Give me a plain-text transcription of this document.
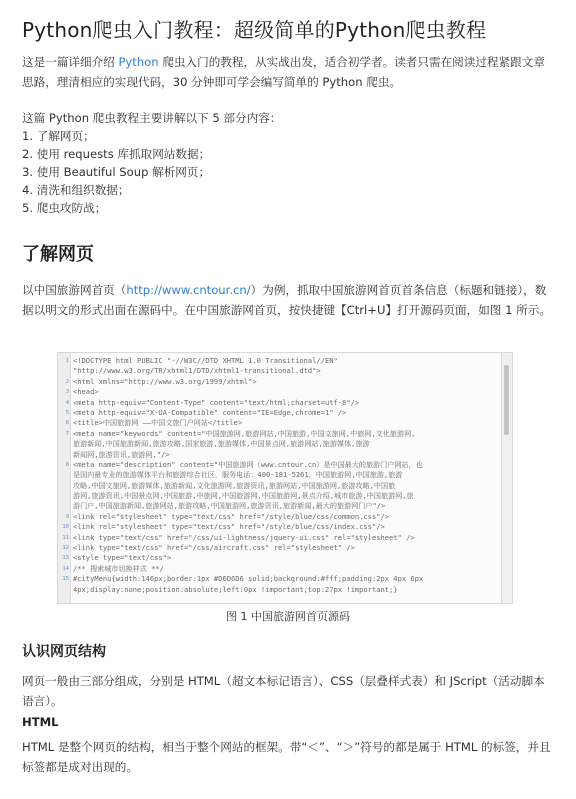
Python爬虫入门教程：超级简单的Python爬虫教程

这是一篇详细介绍 Python 爬虫入门的教程，从实战出发，适合初学者。读者只需在阅读过程紧跟文章思路，理清相应的实现代码，30 分钟即可学会编写简单的 Python 爬虫。

这篇 Python 爬虫教程主要讲解以下 5 部分内容：

1. 了解网页；
2. 使用 requests 库抓取网站数据；
3. 使用 Beautiful Soup 解析网页；
4. 清洗和组织数据；
5. 爬虫攻防战；
了解网页

以中国旅游网首页（http://www.cntour.cn/）为例，抓取中国旅游网首页首条信息（标题和链接），数据以明文的形式出面在源码中。在中国旅游网首页，按快捷键【Ctrl+U】打开源码页面，如图 1 所示。

1 <!DOCTYPE html PUBLIC "-//W3C//DTD XHTML 1.0 Transitional//EN"
"http://www.w3.org/TR/xhtml1/DTD/xhtml1-transitional.dtd">
2 <html xmlns="http://www.w3.org/1999/xhtml">
3 <head>
4 <meta http-equiv="Content-Type" content="text/html;charset=utf-8"/>
5 <meta http-equiv="X-UA-Compatible" content="IE=Edge,chrome=1" />
6 <title>中国旅游网 ——中国文旅门户网站</title>
7 <meta name="keywords" content="中国旅游网,旅游网站,中国旅游,中国文旅网,中旅网,文化旅游网,
旅游新闻,中国旅游新闻,旅游攻略,国家旅游,旅游媒体,中国景点网,旅游网站,旅游媒体,旅游
新闻网,旅游资讯,旅游网,"/>
8 <meta name="description" content="中国旅游网（www.cntour.cn）是中国最大的旅游门户网站，也
是国内最专业的旅游媒体平台和旅游综合社区，服务电话：400-181-5261，中国旅游网,中国旅游,旅游
攻略,中国文旅网,旅游媒体,旅游新闻,文化旅游网,旅游资讯,旅游网站,中国旅游网,旅游攻略,中国旅
游网,旅游资讯,中国景点网,中国旅游,中旅网,中国旅游网,中国旅游网,景点介绍,城市旅游,中国旅游网,旅
游门户,中国旅游新闻,旅游网站,旅游攻略,中国旅游网,旅游资讯,旅游新闻,最大的旅游网门户"/>
9 <link rel="stylesheet" type="text/css" href="/style/blue/css/common.css"/>
10 <link rel="stylesheet" type="text/css" href="/style/blue/css/index.css"/>
11 <link type="text/css" href="/css/ui-lightness/jquery-ui.css" rel="stylesheet" />
12 <link type="text/css" href="/css/aircraft.css" rel="stylesheet" />
13 <style type="text/css">
14 /** 搜索城市切换样式 **/
15 #cityMenu{width:146px;border:1px #D6D6D6 solid;background:#fff;padding:2px 4px 6px
4px;display:none;position:absolute;left:0px !important;top:27px !important;}

图 1 中国旅游网首页源码

认识网页结构

网页一般由三部分组成，分别是 HTML（超文本标记语言）、CSS（层叠样式表）和 JScript（活动脚本语言）。

HTML

HTML 是整个网页的结构，相当于整个网站的框架。带“＜”、“＞”符号的都是属于 HTML 的标签，并且标签都是成对出现的。
